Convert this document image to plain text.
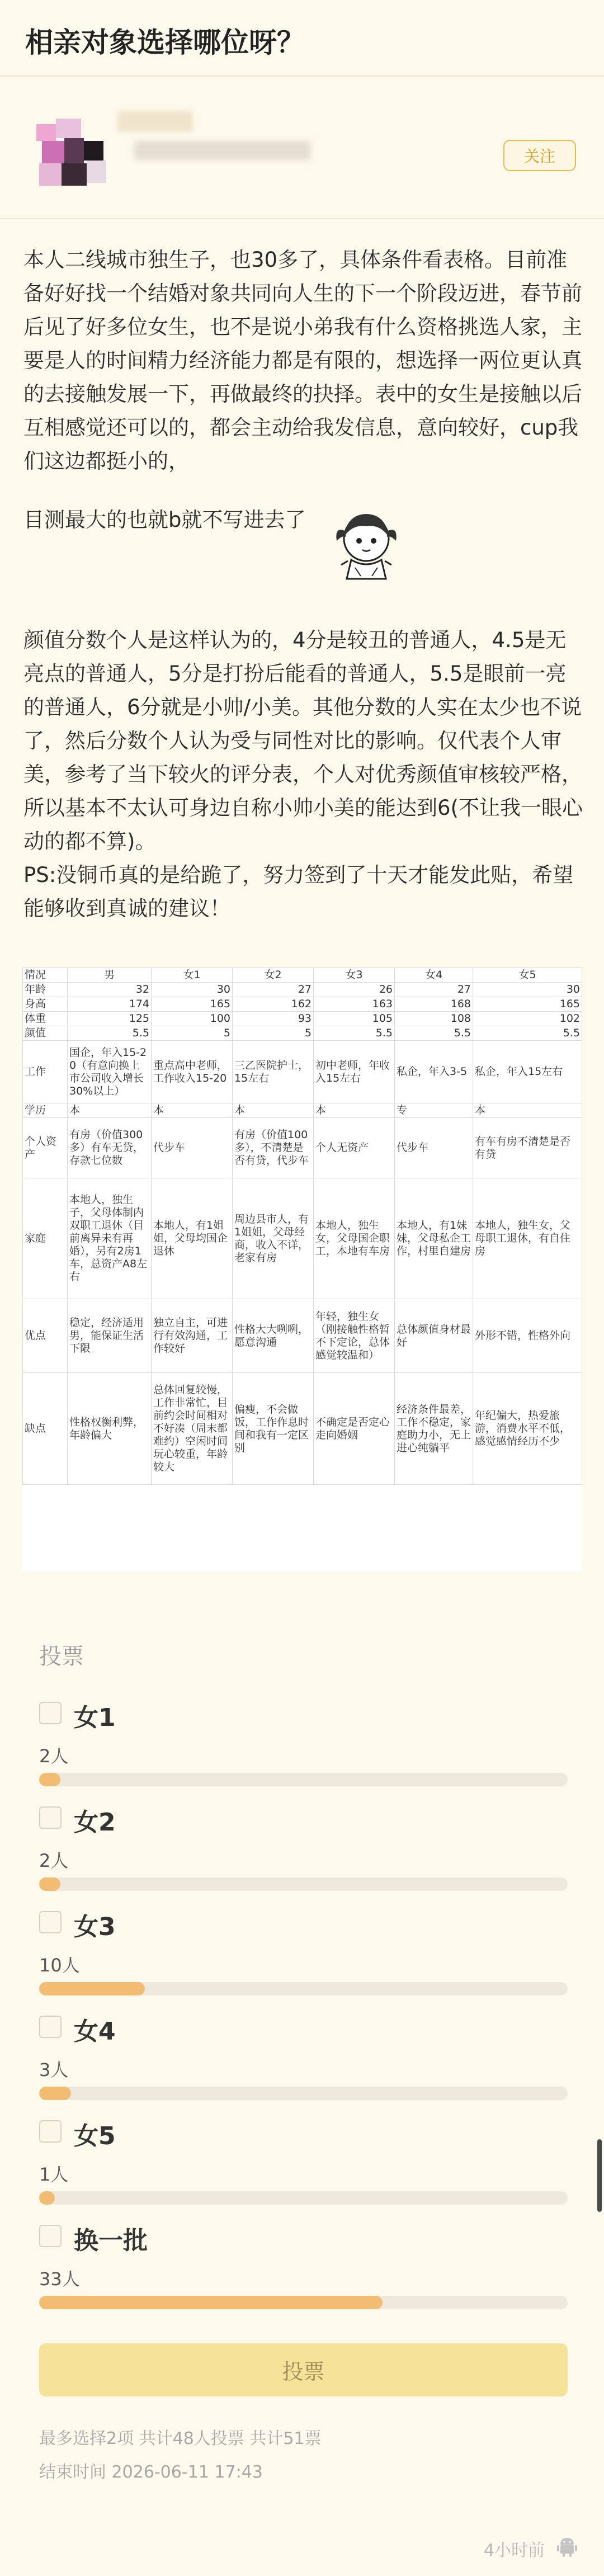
相亲对象选择哪位呀？
关注

本人二线城市独生子，也30多了，具体条件看表格。目前准备好好找一个结婚对象共同向人生的下一个阶段迈进，春节前后见了好多位女生，也不是说小弟我有什么资格挑选人家，主要是人的时间精力经济能力都是有限的，想选择一两位更认真的去接触发展一下，再做最终的抉择。表中的女生是接触以后互相感觉还可以的，都会主动给我发信息，意向较好，cup我们这边都挺小的，

目测最大的也就b就不写进去了

颜值分数个人是这样认为的，4分是较丑的普通人，4.5是无亮点的普通人，5分是打扮后能看的普通人，5.5是眼前一亮的普通人，6分就是小帅/小美。其他分数的人实在太少也不说了，然后分数个人认为受与同性对比的影响。仅代表个人审美，参考了当下较火的评分表，个人对优秀颜值审核较严格，所以基本不太认可身边自称小帅小美的能达到6(不让我一眼心动的都不算)。

PS:没铜币真的是给跪了，努力签到了十天才能发此贴，希望能够收到真诚的建议！

情况	男	女1	女2	女3	女4	女5
年龄	32	30	27	26	27	30
身高	174	165	162	163	168	165
体重	125	100	93	105	108	102
颜值	5.5	5	5	5.5	5.5	5.5
工作	国企，年入15-20（有意向换上市公司收入增长30%以上）	重点高中老师，工作收入15-20	三乙医院护士，15左右	初中老师，年收入15左右	私企，年入3-5	私企，年入15左右
学历	本	本	本	本	专	本
个人资产	有房（价值300多）有车无贷，存款七位数	代步车	有房（价值100多），不清楚是否有贷，代步车	个人无资产	代步车	有车有房不清楚是否有贷
家庭	本地人，独生子，父母体制内双职工退休（目前离异未有再婚），另有2房1车，总资产A8左右	本地人，有1姐姐，父母均国企退休	周边县市人，有1姐姐，父母经商，收入不详，老家有房	本地人，独生女，父母国企职工，本地有车房	本地人，有1妹妹，父母私企工作，村里自建房	本地人，独生女，父母职工退休，有自住房
优点	稳定，经济适用男，能保证生活下限	独立自主，可进行有效沟通，工作较好	性格大大咧咧，愿意沟通	年轻，独生女（刚接触性格暂不下定论，总体感觉较温和）	总体颜值身材最好	外形不错，性格外向
缺点	性格权衡利弊，年龄偏大	总体回复较慢，工作非常忙，目前约会时间相对不好凑（周末都难约）空闲时间玩心较重，年龄较大	偏瘦，不会做饭，工作作息时间和我有一定区别	不确定是否定心走向婚姻	经济条件最差，工作不稳定，家庭助力小，无上进心纯躺平	年纪偏大，热爱旅游，消费水平不低，感觉感情经历不少
投票
女1
2人
女2
2人
女3
10人
女4
3人
女5
1人
换一批
33人
投票
最多选择2项 共计48人投票 共计51票
结束时间 2026-06-11 17:43
4小时前
